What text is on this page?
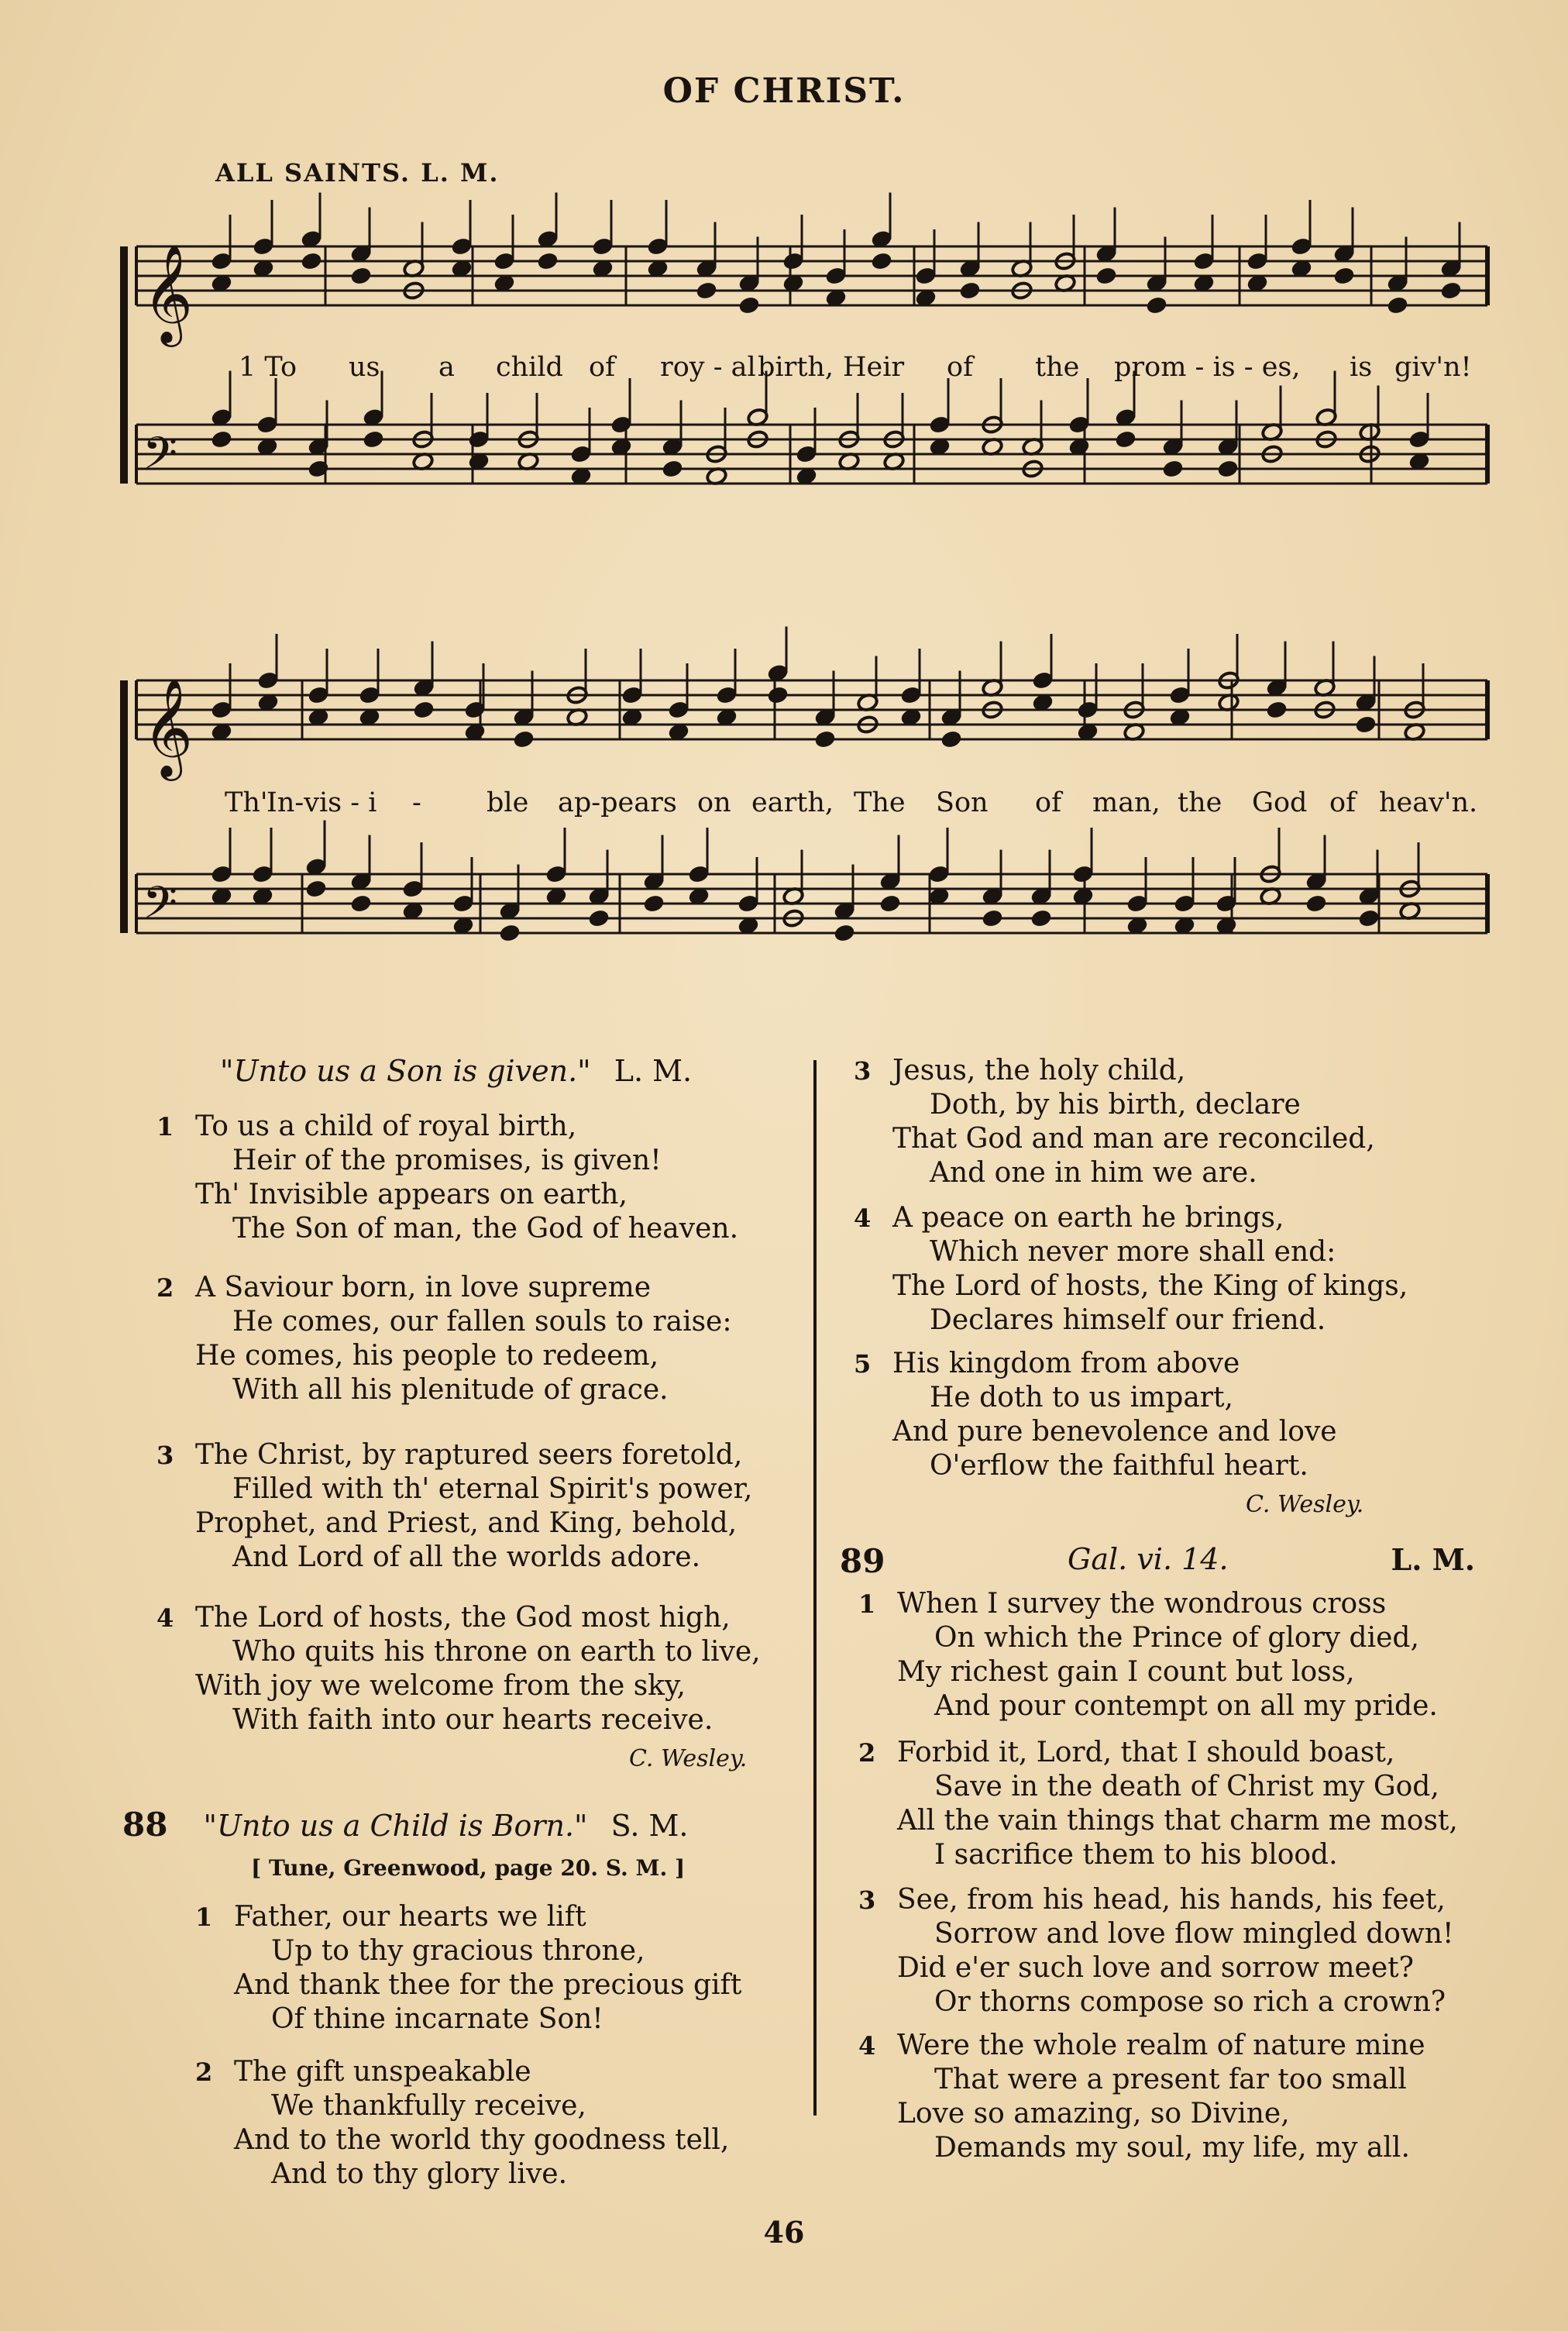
OF CHRIST.
ALL SAINTS. L. M.
𝄞
𝄢
𝄞
𝄢
1 To us a child of roy - al birth, Heir of the prom - is - es, is giv'n!
Th'
In-vis - i - ble ap-pears on earth, The Son of man, the God of heav'n.
"Unto us a Son is given." L. M.
1 To us a child of royal birth,
Heir of the promises, is given!
Th' Invisible appears on earth,
The Son of man, the God of heaven.
2 A Saviour born, in love supreme
He comes, our fallen souls to raise:
He comes, his people to redeem,
With all his plenitude of grace.
3 The Christ, by raptured seers foretold,
Filled with th' eternal Spirit's power,
Prophet, and Priest, and King, behold,
And Lord of all the worlds adore.
4 The Lord of hosts, the God most high,
Who quits his throne on earth to live,
With joy we welcome from the sky,
With faith into our hearts receive.
C. Wesley.
88 "Unto us a Child is Born." S. M.
[ Tune, Greenwood, page 20. S. M. ]
1 Father, our hearts we lift
Up to thy gracious throne,
And thank thee for the precious gift
Of thine incarnate Son!
2 The gift unspeakable
We thankfully receive,
And to the world thy goodness tell,
And to thy glory live.
3 Jesus, the holy child,
Doth, by his birth, declare
That God and man are reconciled,
And one in him we are.
4 A peace on earth he brings,
Which never more shall end:
The Lord of hosts, the King of kings,
Declares himself our friend.
5 His kingdom from above
He doth to us impart,
And pure benevolence and love
O'erflow the faithful heart.
C. Wesley.
89	Gal. vi. 14.	L. M.
1 When I survey the wondrous cross
On which the Prince of glory died,
My richest gain I count but loss,
And pour contempt on all my pride.
2 Forbid it, Lord, that I should boast,
Save in the death of Christ my God,
All the vain things that charm me most,
I sacrifice them to his blood.
3 See, from his head, his hands, his feet,
Sorrow and love flow mingled down!
Did e'er such love and sorrow meet?
Or thorns compose so rich a crown?
4 Were the whole realm of nature mine
That were a present far too small
Love so amazing, so Divine,
Demands my soul, my life, my all.
46
